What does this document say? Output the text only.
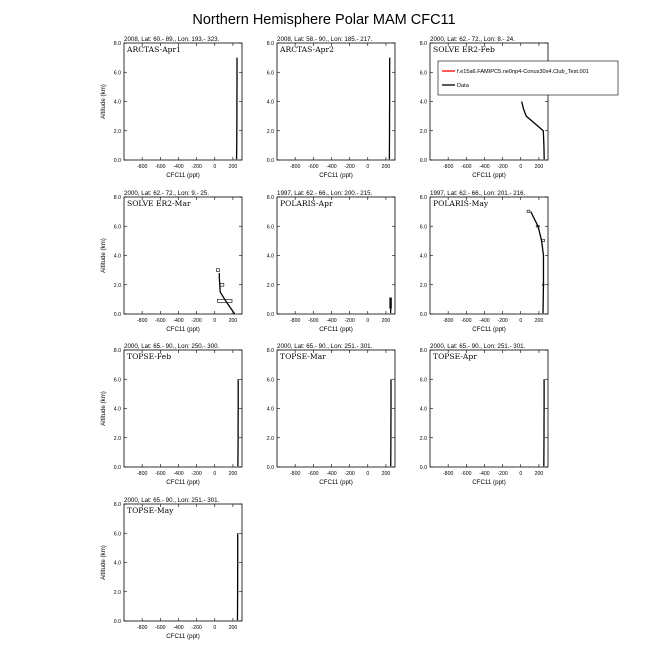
Northern Hemisphere Polar MAM CFC11
2008, Lat: 60.- 89., Lon: 193.- 323.
-800 -600 -400 -200 0 200
0.0
2.0
4.0
6.0
8.0
CFC11 (ppt)
Altitude (km)
ARCTAS-Apr1
2008, Lat: 58.- 90., Lon: 185.- 217.
-800 -600 -400 -200 0 200
0.0
2.0
4.0
6.0
8.0
CFC11 (ppt)
ARCTAS-Apr2
2000, Lat: 62.- 72., Lon: 8.- 24.
-800 -600 -400 -200 0 200
0.0
2.0
4.0
6.0
8.0
CFC11 (ppt)
SOLVE ER2-Feb
2000, Lat: 62.- 72., Lon: 9.- 25.
-800 -600 -400 -200 0 200
0.0
2.0
4.0
6.0
8.0
CFC11 (ppt)
Altitude (km)
SOLVE ER2-Mar
1997, Lat: 62.- 66., Lon: 200.- 215.
-800 -600 -400 -200 0 200
0.0
2.0
4.0
6.0
8.0
CFC11 (ppt)
POLARIS-Apr
1997, Lat: 62.- 66., Lon: 201.- 216.
-800 -600 -400 -200 0 200
0.0
2.0
4.0
6.0
8.0
CFC11 (ppt)
POLARIS-May
2000, Lat: 65.- 90., Lon: 250.- 300.
-800 -600 -400 -200 0 200
0.0
2.0
4.0
6.0
8.0
CFC11 (ppt)
Altitude (km)
TOPSE-Feb
2000, Lat: 65.- 90., Lon: 251.- 301.
-800 -600 -400 -200 0 200
0.0
2.0
4.0
6.0
8.0
CFC11 (ppt)
TOPSE-Mar
2000, Lat: 65.- 90., Lon: 251.- 301.
-800 -600 -400 -200 0 200
0.0
2.0
4.0
6.0
8.0
CFC11 (ppt)
TOPSE-Apr
2000, Lat: 65.- 90., Lon: 251.- 301.
-800 -600 -400 -200 0 200
0.0
2.0
4.0
6.0
8.0
CFC11 (ppt)
Altitude (km)
TOPSE-May
f.e15a6.FAMIPC5.ne0np4-Conus30x4.Club_Test.001
Data
